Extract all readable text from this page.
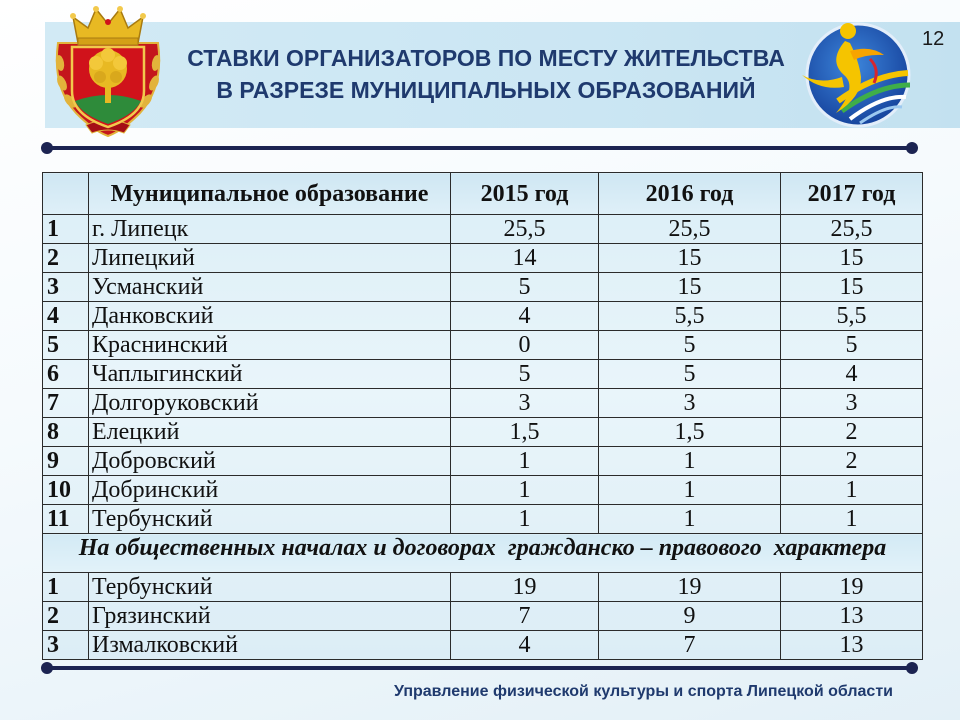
СТАВКИ ОРГАНИЗАТОРОВ ПО МЕСТУ ЖИТЕЛЬСТВА
В РАЗРЕЗЕ МУНИЦИПАЛЬНЫХ ОБРАЗОВАНИЙ
12
	Муниципальное образование	2015 год	2016 год	2017 год
1	г. Липецк	25,5	25,5	25,5
2	Липецкий	14	15	15
3	Усманский	5	15	15
4	Данковский	4	5,5	5,5
5	Краснинский	0	5	5
6	Чаплыгинский	5	5	4
7	Долгоруковский	3	3	3
8	Елецкий	1,5	1,5	2
9	Добровский	1	1	2
10	Добринский	1	1	1
11	Тербунский	1	1	1
На общественных началах и договорах  гражданско – правового  характера				
1	Тербунский	19	19	19
2	Грязинский	7	9	13
3	Измалковский	4	7	13
Управление физической культуры и спорта Липецкой области
